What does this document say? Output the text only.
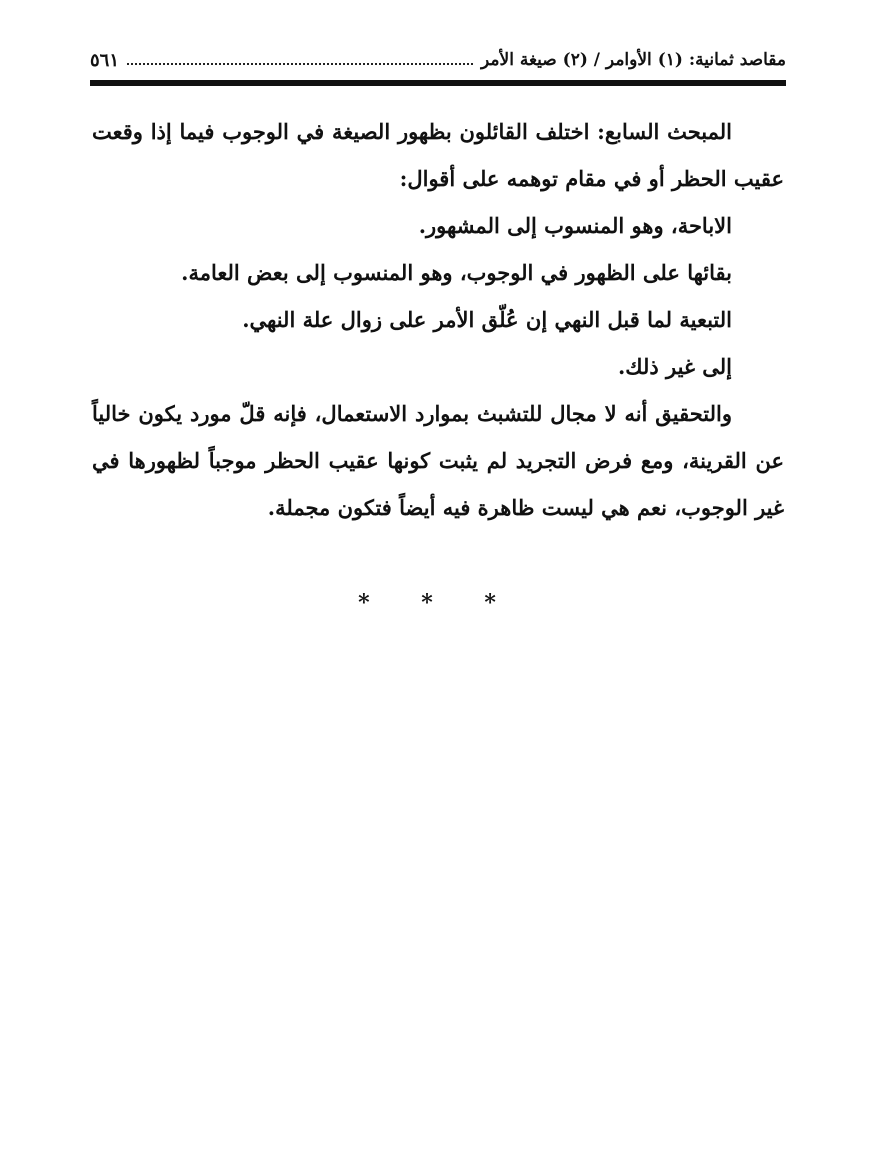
مقاصد ثمانية: (١) الأوامر / (٢) صيغة الأمر
٥٦١

المبحث السابع: اختلف القائلون بظهور الصيغة في الوجوب فيما إذا وقعت عقيب الحظر أو في مقام توهمه على أقوال:

الاباحة، وهو المنسوب إلى المشهور.

بقائها على الظهور في الوجوب، وهو المنسوب إلى بعض العامة.

التبعية لما قبل النهي إن عُلّق الأمر على زوال علة النهي.

إلى غير ذلك.

والتحقيق أنه لا مجال للتشبث بموارد الاستعمال، فإنه قلّ مورد يكون خالياً عن القرينة، ومع فرض التجريد لم يثبت كونها عقيب الحظر موجباً لظهورها في غير الوجوب، نعم هي ليست ظاهرة فيه أيضاً فتكون مجملة.

* * *
